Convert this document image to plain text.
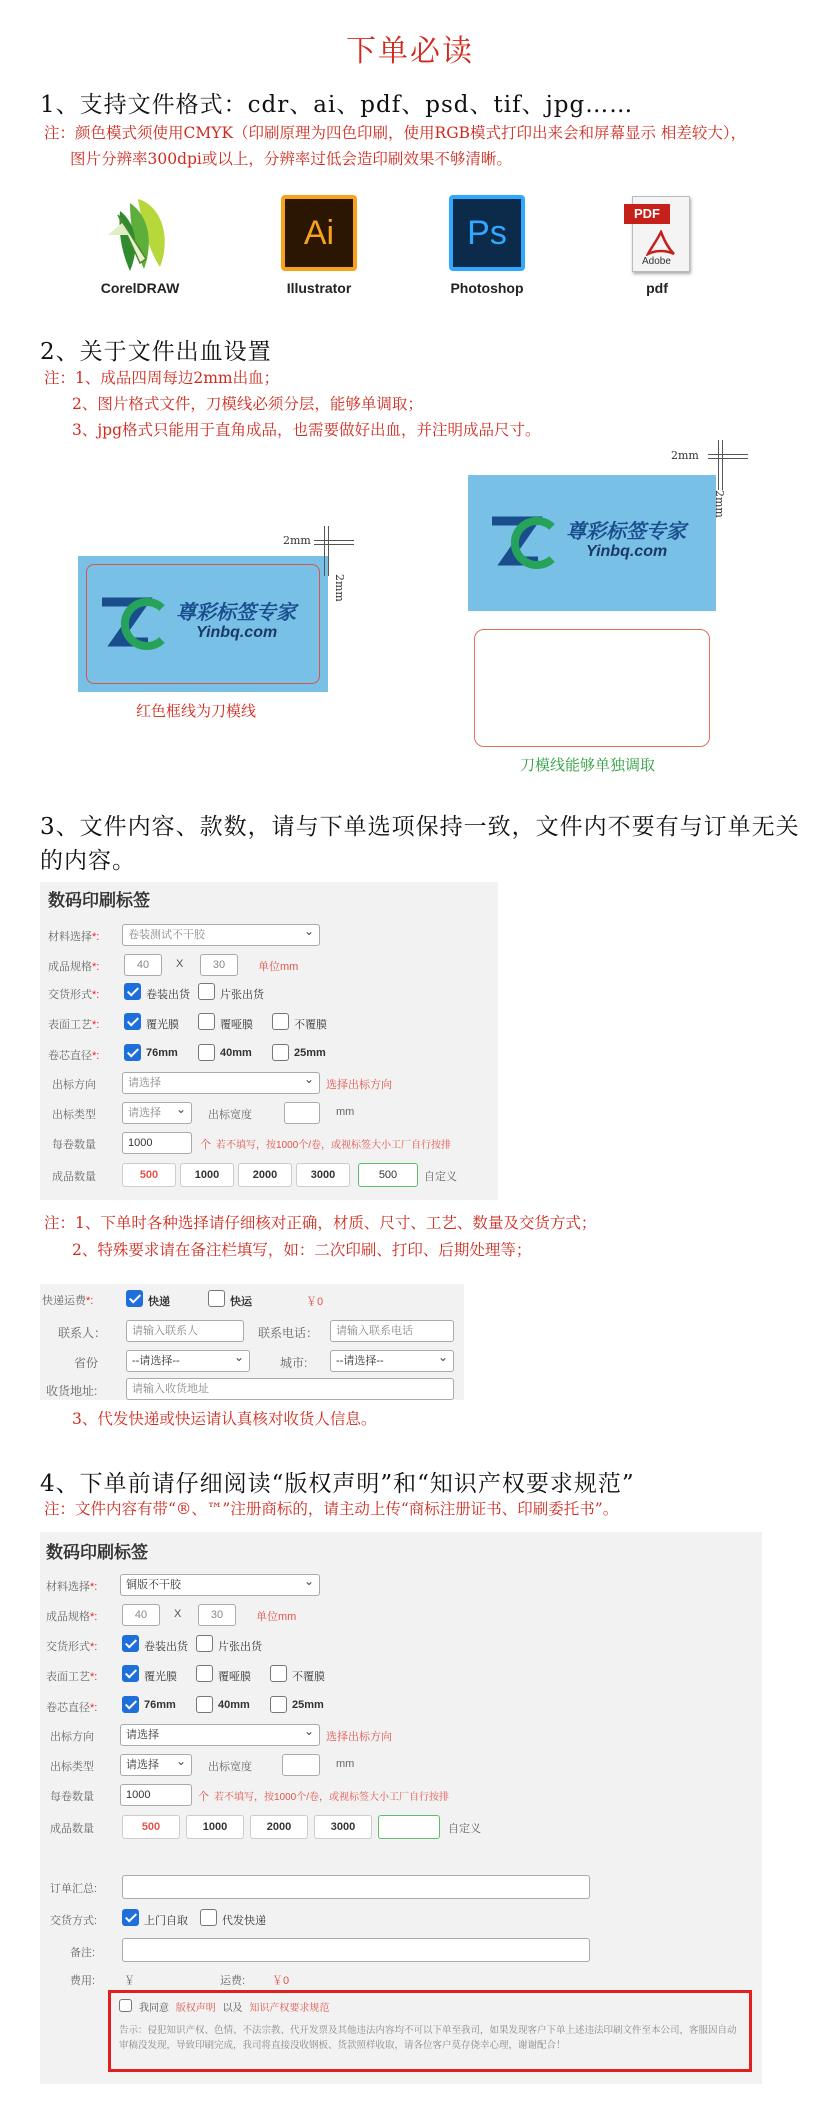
下单必读
1、支持文件格式：cdr、ai、pdf、psd、tif、jpg……
注：颜色模式须使用CMYK（印刷原理为四色印刷，使用RGB模式打印出来会和屏幕显示 相差较大），
图片分辨率300dpi或以上，分辨率过低会造印刷效果不够清晰。
CorelDRAW
Ai
Illustrator
Ps
Photoshop
PDF
Adobe
pdf
2、关于文件出血设置
注：1、成品四周每边2mm出血；
2、图片格式文件，刀模线必须分层，能够单调取；
3、jpg格式只能用于直角成品，也需要做好出血，并注明成品尺寸。
尊彩标签专家
Yinbq.com
2mm
2mm
刀模线能够单独调取
尊彩标签专家
Yinbq.com
2mm
2mm
红色框线为刀模线
3、文件内容、款数，请与下单选项保持一致，文件内不要有与订单无关
的内容。
数码印刷标签
材料选择*:	卷装测试不干胶 ⌄
成品规格*:	40	X	30	单位mm
交货形式*:	卷装出货	片张出货
表面工艺*:	覆光膜	覆哑膜	不覆膜
卷芯直径*:	76mm	40mm	25mm
出标方向	请选择 ⌄	选择出标方向
出标类型	请选择 ⌄	出标宽度	mm
每卷数量	1000	个 若不填写，按1000个/卷，或视标签大小工厂自行按排
成品数量	500	1000	2000	3000	500	自定义
注：1、下单时各种选择请仔细核对正确，材质、尺寸、工艺、数量及交货方式；
2、特殊要求请在备注栏填写，如：二次印刷、打印、后期处理等；
快递运费*:	快递	快运	￥0
联系人：	请输入联系人	联系电话：	请输入联系电话
省份	--请选择-- ⌄	城市:	--请选择-- ⌄
收货地址:	请输入收货地址
3、代发快递或快运请认真核对收货人信息。
4、下单前请仔细阅读“版权声明”和“知识产权要求规范”
注：文件内容有带“®、™”注册商标的，请主动上传“商标注册证书、印刷委托书”。
数码印刷标签
材料选择*:	铜版不干胶 ⌄
成品规格*:	40	X	30	单位mm
交货形式*:	卷装出货	片张出货
表面工艺*:	覆光膜	覆哑膜	不覆膜
卷芯直径*:	76mm	40mm	25mm
出标方向	请选择 ⌄	选择出标方向
出标类型	请选择 ⌄	出标宽度	mm
每卷数量	1000	个 若不填写，按1000个/卷，或视标签大小工厂自行按排
成品数量	500	1000	2000	3000	自定义
订单汇总:
交货方式:	上门自取	代发快递
备注:
费用:	￥	运费: ￥0
我同意 版权声明 以及 知识产权要求规范
告示：侵犯知识产权、色情、不法宗教、代开发票及其他违法内容均不可以下单至我司，如果发现客户下单上述违法印刷文件至本公司，客服因自动审稿没发现，导致印刷完成，我司将直接没收钢板、货款照样收取，请各位客户莫存侥幸心理，谢谢配合！
